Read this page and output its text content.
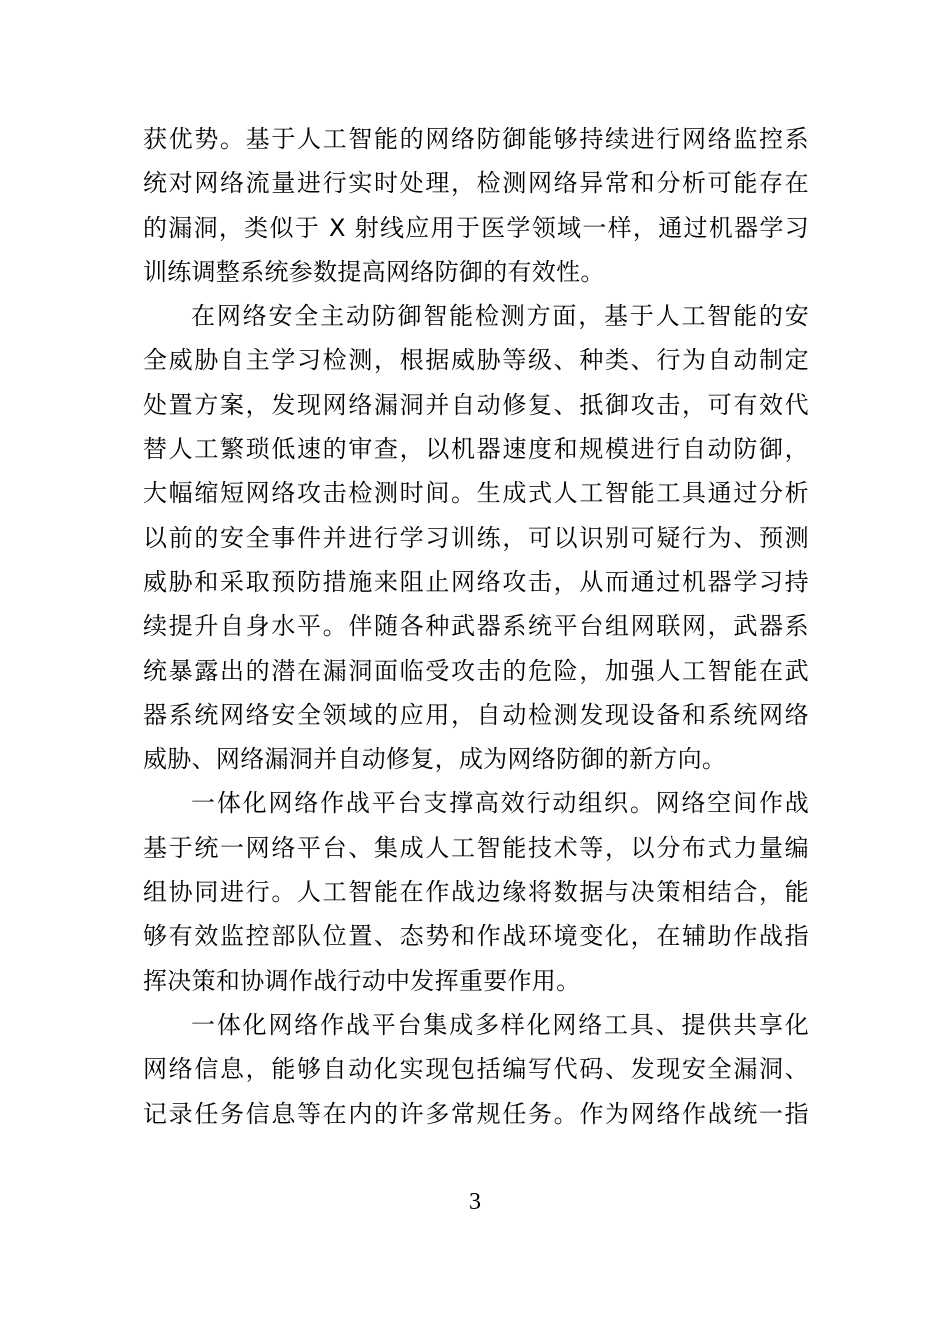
获优势。基于人工智能的网络防御能够持续进行网络监控系
统对网络流量进行实时处理，检测网络异常和分析可能存在
的漏洞，类似于 X 射线应用于医学领域一样，通过机器学习
训练调整系统参数提高网络防御的有效性。
在网络安全主动防御智能检测方面，基于人工智能的安
全威胁自主学习检测，根据威胁等级、种类、行为自动制定
处置方案，发现网络漏洞并自动修复、抵御攻击，可有效代
替人工繁琐低速的审查，以机器速度和规模进行自动防御，
大幅缩短网络攻击检测时间。生成式人工智能工具通过分析
以前的安全事件并进行学习训练，可以识别可疑行为、预测
威胁和采取预防措施来阻止网络攻击，从而通过机器学习持
续提升自身水平。伴随各种武器系统平台组网联网，武器系
统暴露出的潜在漏洞面临受攻击的危险，加强人工智能在武
器系统网络安全领域的应用，自动检测发现设备和系统网络
威胁、网络漏洞并自动修复，成为网络防御的新方向。
一体化网络作战平台支撑高效行动组织。网络空间作战
基于统一网络平台、集成人工智能技术等，以分布式力量编
组协同进行。人工智能在作战边缘将数据与决策相结合，能
够有效监控部队位置、态势和作战环境变化，在辅助作战指
挥决策和协调作战行动中发挥重要作用。
一体化网络作战平台集成多样化网络工具、提供共享化
网络信息，能够自动化实现包括编写代码、发现安全漏洞、
记录任务信息等在内的许多常规任务。作为网络作战统一指
3
